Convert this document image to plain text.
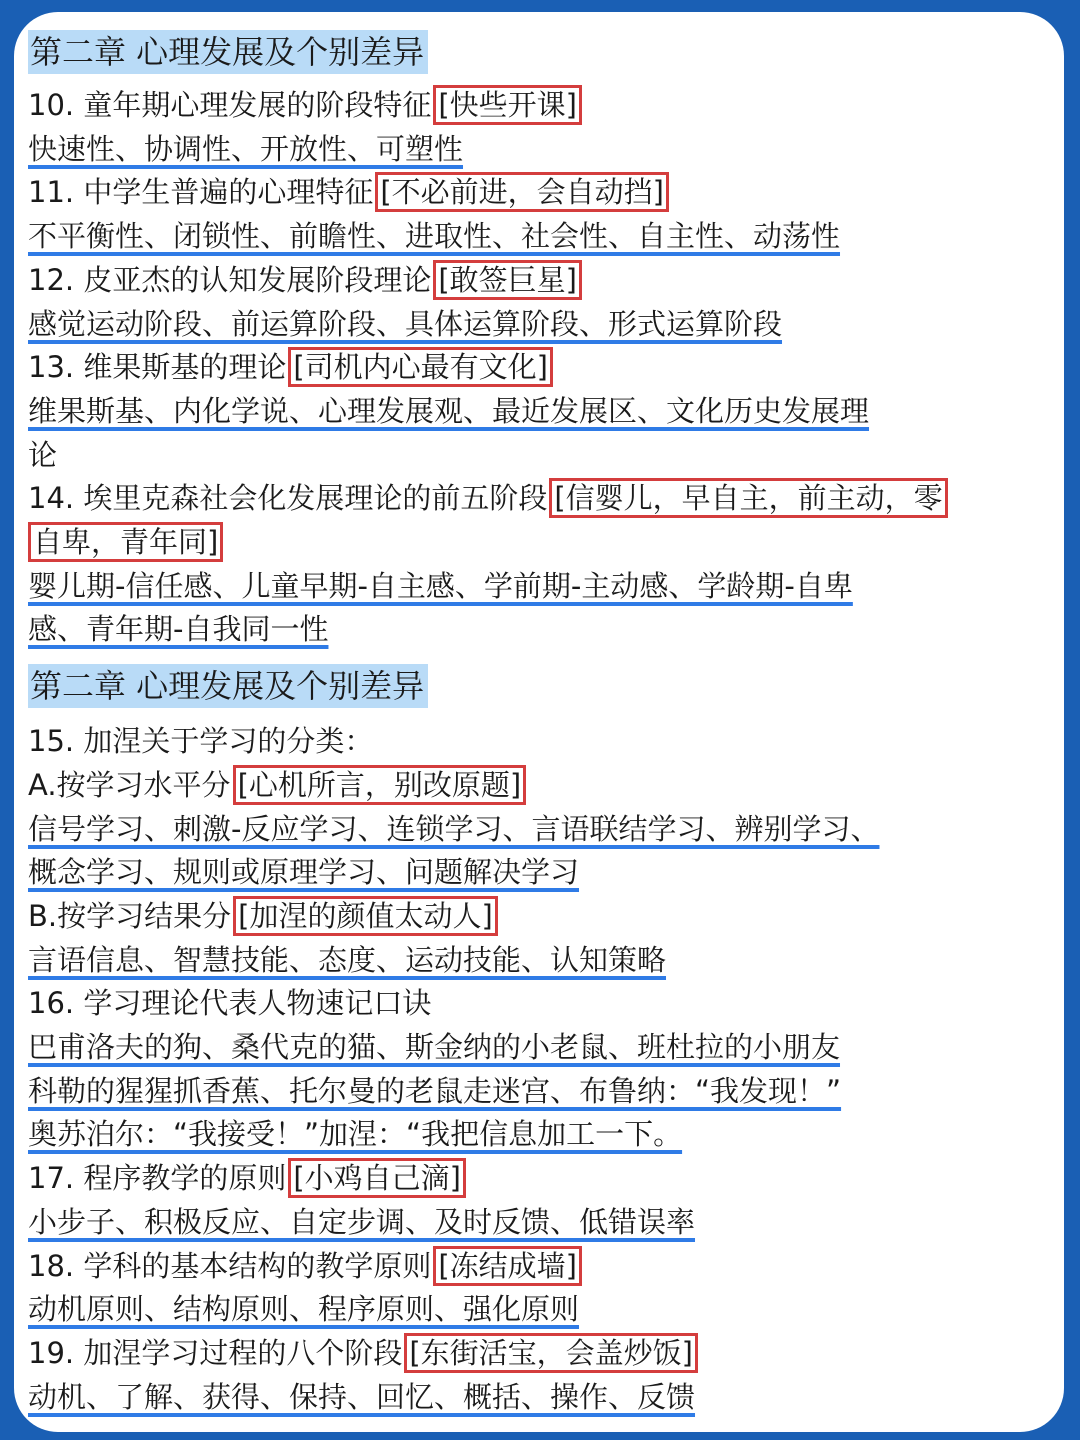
第二章 心理发展及个别差异
10. 童年期心理发展的阶段特征 [快些开课]
快速性、协调性、开放性、可塑性
11. 中学生普遍的心理特征 [不必前进，会自动挡]
不平衡性、闭锁性、前瞻性、进取性、社会性、自主性、动荡性
12. 皮亚杰的认知发展阶段理论 [敢签巨星]
感觉运动阶段、前运算阶段、具体运算阶段、形式运算阶段
13. 维果斯基的理论 [司机内心最有文化]
维果斯基、内化学说、心理发展观、最近发展区、文化历史发展理
论
14. 埃里克森社会化发展理论的前五阶段 [信婴儿，早自主，前主动，零
自卑，青年同]
婴儿期-信任感、儿童早期-自主感、学前期-主动感、学龄期-自卑
感、青年期-自我同一性
第二章 心理发展及个别差异
15. 加涅关于学习的分类：
A.按学习水平分 [心机所言，别改原题]
信号学习、刺激-反应学习、连锁学习、言语联结学习、辨别学习、
概念学习、规则或原理学习、问题解决学习
B.按学习结果分 [加涅的颜值太动人]
言语信息、智慧技能、态度、运动技能、认知策略
16. 学习理论代表人物速记口诀
巴甫洛夫的狗、桑代克的猫、斯金纳的小老鼠、班杜拉的小朋友
科勒的猩猩抓香蕉、托尔曼的老鼠走迷宫、布鲁纳：“我发现！”
奥苏泊尔：“我接受！”加涅：“我把信息加工一下。
17. 程序教学的原则 [小鸡自己滴]
小步子、积极反应、自定步调、及时反馈、低错误率
18. 学科的基本结构的教学原则 [冻结成墙]
动机原则、结构原则、程序原则、强化原则
19. 加涅学习过程的八个阶段 [东街活宝，会盖炒饭]
动机、了解、获得、保持、回忆、概括、操作、反馈
